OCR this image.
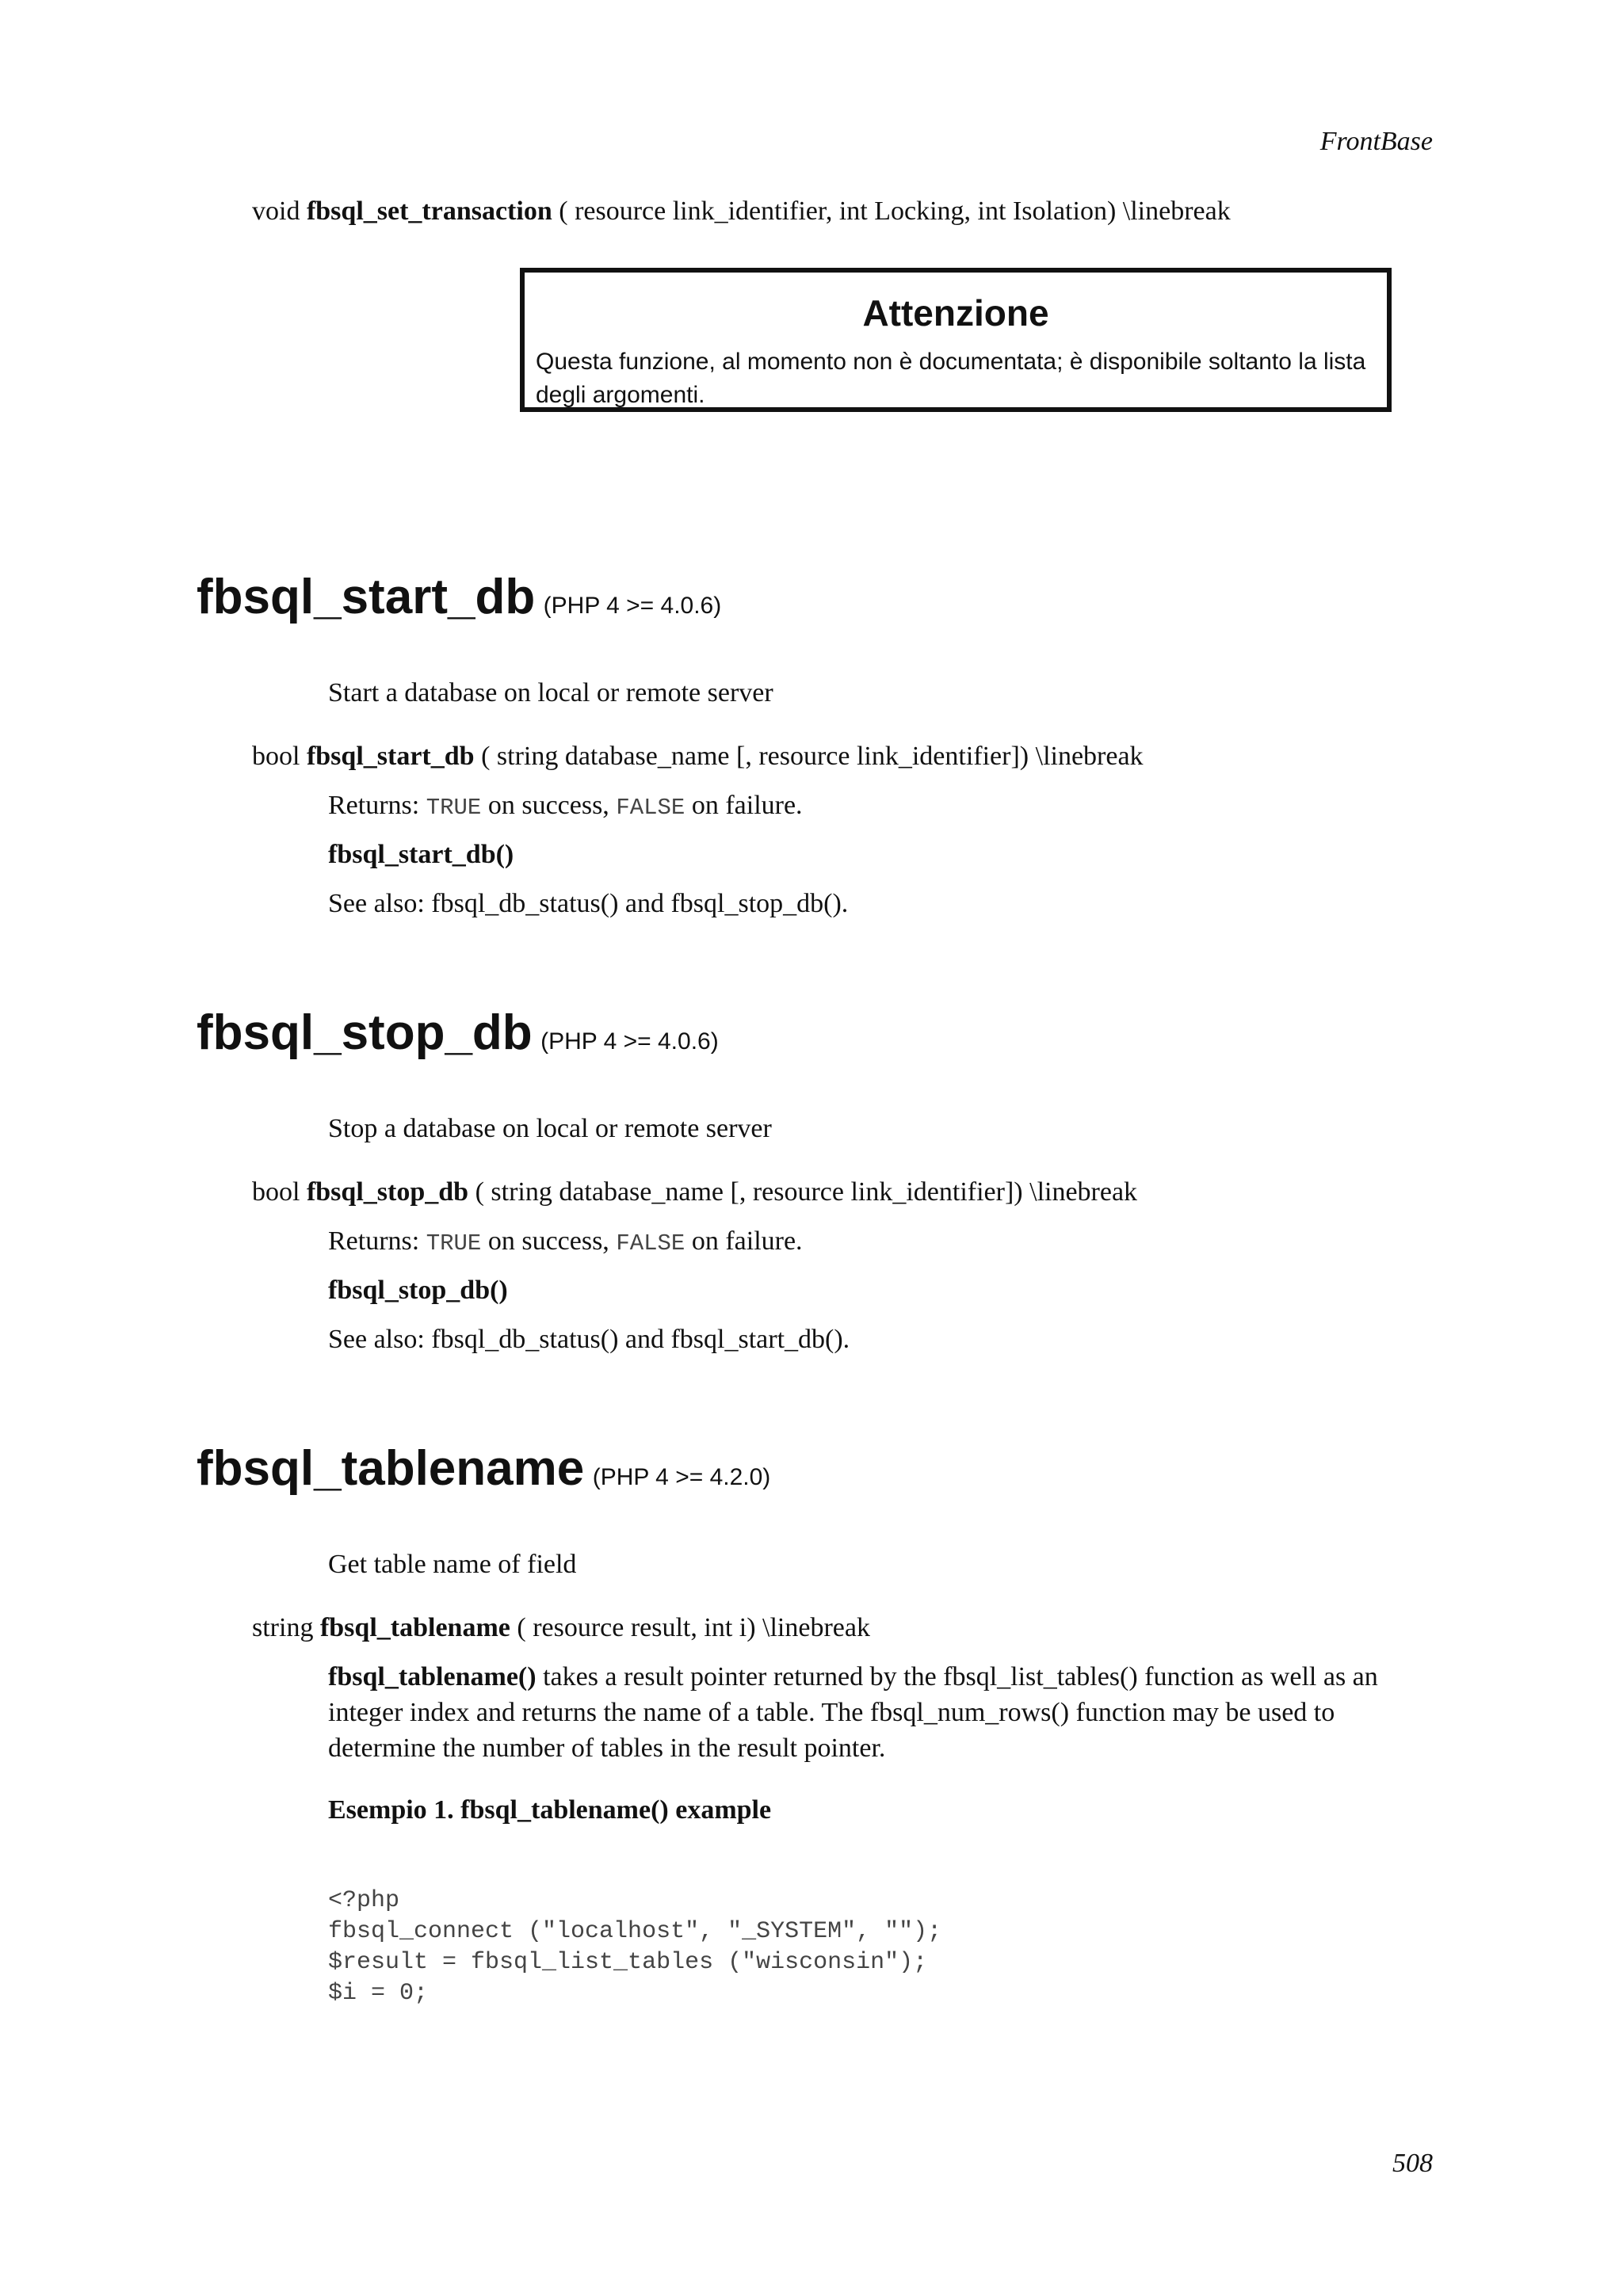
FrontBase
void fbsql_set_transaction ( resource link_identifier, int Locking, int Isolation) \linebreak
Attenzione
Questa funzione, al momento non è documentata; è disponibile soltanto la lista degli argomenti.
fbsql_start_db (PHP 4 >= 4.0.6)
Start a database on local or remote server
bool fbsql_start_db ( string database_name [, resource link_identifier]) \linebreak
Returns: TRUE on success, FALSE on failure.
fbsql_start_db()
See also: fbsql_db_status() and fbsql_stop_db().
fbsql_stop_db (PHP 4 >= 4.0.6)
Stop a database on local or remote server
bool fbsql_stop_db ( string database_name [, resource link_identifier]) \linebreak
Returns: TRUE on success, FALSE on failure.
fbsql_stop_db()
See also: fbsql_db_status() and fbsql_start_db().
fbsql_tablename (PHP 4 >= 4.2.0)
Get table name of field
string fbsql_tablename ( resource result, int i) \linebreak
fbsql_tablename() takes a result pointer returned by the fbsql_list_tables() function as well as an integer index and returns the name of a table. The fbsql_num_rows() function may be used to determine the number of tables in the result pointer.
Esempio 1. fbsql_tablename() example
<?php
fbsql_connect ("localhost", "_SYSTEM", "");
$result = fbsql_list_tables ("wisconsin");
$i = 0;
508
